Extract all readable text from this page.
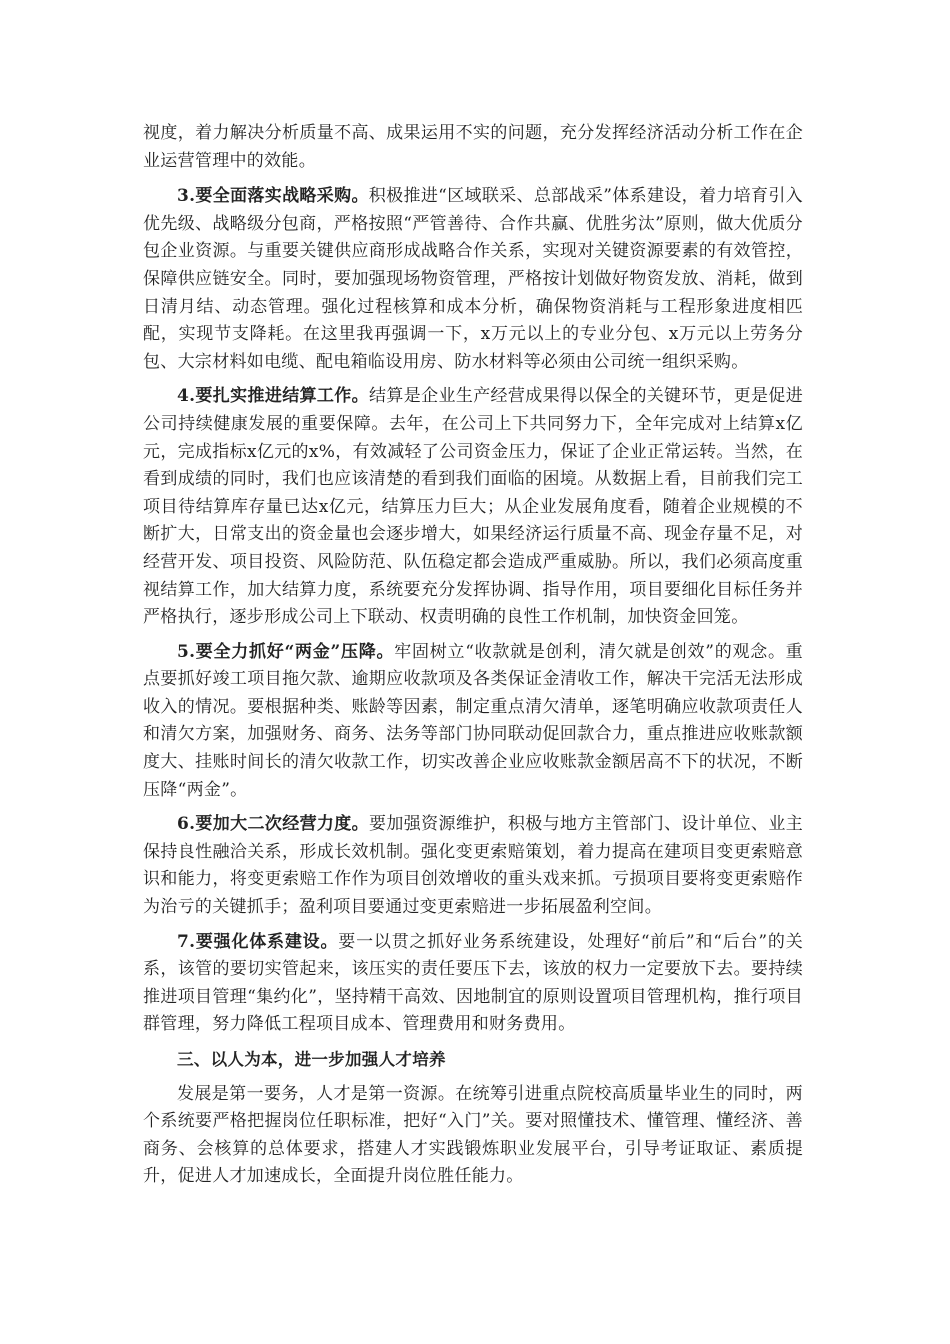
视度，着力解决分析质量不高、成果运用不实的问题，充分发挥经济活动分析工作在企业运营管理中的效能。

3.要全面落实战略采购。积极推进“区域联采、总部战采”体系建设，着力培育引入优先级、战略级分包商，严格按照“严管善待、合作共赢、优胜劣汰”原则，做大优质分包企业资源。与重要关键供应商形成战略合作关系，实现对关键资源要素的有效管控，保障供应链安全。同时，要加强现场物资管理，严格按计划做好物资发放、消耗，做到日清月结、动态管理。强化过程核算和成本分析，确保物资消耗与工程形象进度相匹配，实现节支降耗。在这里我再强调一下，x万元以上的专业分包、x万元以上劳务分包、大宗材料如电缆、配电箱临设用房、防水材料等必须由公司统一组织采购。

4.要扎实推进结算工作。结算是企业生产经营成果得以保全的关键环节，更是促进公司持续健康发展的重要保障。去年，在公司上下共同努力下，全年完成对上结算x亿元，完成指标x亿元的x%，有效减轻了公司资金压力，保证了企业正常运转。当然，在看到成绩的同时，我们也应该清楚的看到我们面临的困境。从数据上看，目前我们完工项目待结算库存量已达x亿元，结算压力巨大；从企业发展角度看，随着企业规模的不断扩大，日常支出的资金量也会逐步增大，如果经济运行质量不高、现金存量不足，对经营开发、项目投资、风险防范、队伍稳定都会造成严重威胁。所以，我们必须高度重视结算工作，加大结算力度，系统要充分发挥协调、指导作用，项目要细化目标任务并严格执行，逐步形成公司上下联动、权责明确的良性工作机制，加快资金回笼。

5.要全力抓好“两金”压降。牢固树立“收款就是创利，清欠就是创效”的观念。重点要抓好竣工项目拖欠款、逾期应收款项及各类保证金清收工作，解决干完活无法形成收入的情况。要根据种类、账龄等因素，制定重点清欠清单，逐笔明确应收款项责任人和清欠方案，加强财务、商务、法务等部门协同联动促回款合力，重点推进应收账款额度大、挂账时间长的清欠收款工作，切实改善企业应收账款金额居高不下的状况，不断压降“两金”。

6.要加大二次经营力度。要加强资源维护，积极与地方主管部门、设计单位、业主保持良性融洽关系，形成长效机制。强化变更索赔策划，着力提高在建项目变更索赔意识和能力，将变更索赔工作作为项目创效增收的重头戏来抓。亏损项目要将变更索赔作为治亏的关键抓手；盈利项目要通过变更索赔进一步拓展盈利空间。

7.要强化体系建设。要一以贯之抓好业务系统建设，处理好“前后”和“后台”的关系，该管的要切实管起来，该压实的责任要压下去，该放的权力一定要放下去。要持续推进项目管理“集约化”，坚持精干高效、因地制宜的原则设置项目管理机构，推行项目群管理，努力降低工程项目成本、管理费用和财务费用。

三、以人为本，进一步加强人才培养

发展是第一要务，人才是第一资源。在统筹引进重点院校高质量毕业生的同时，两个系统要严格把握岗位任职标准，把好“入门”关。要对照懂技术、懂管理、懂经济、善商务、会核算的总体要求，搭建人才实践锻炼职业发展平台，引导考证取证、素质提升，促进人才加速成长，全面提升岗位胜任能力。
